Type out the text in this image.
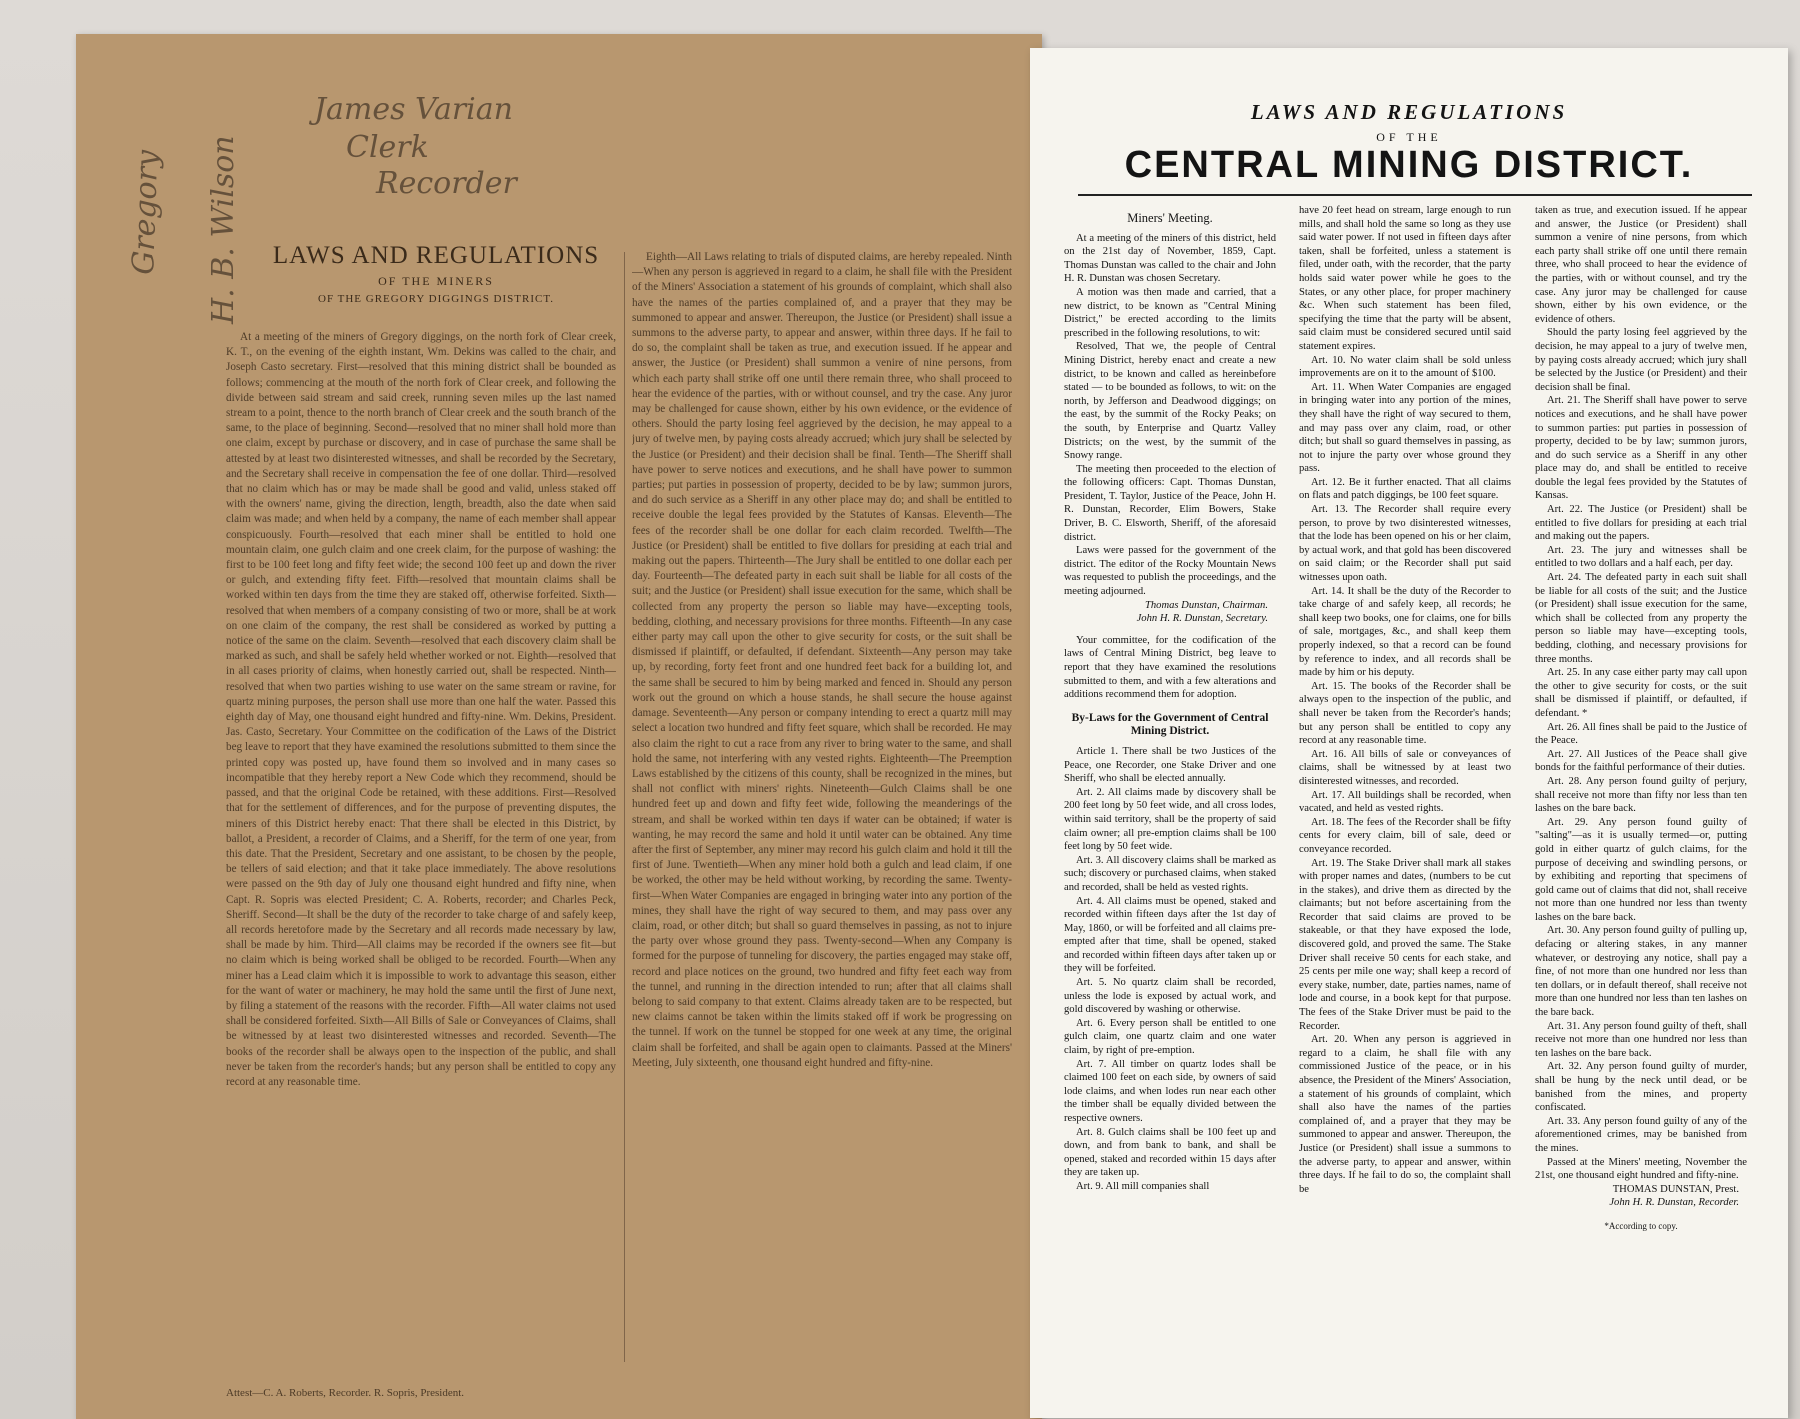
James Varian
Clerk
Recorder
Gregory H. B. Wilson	LAWS AND REGULATIONS
OF THE MINERS
OF THE GREGORY DIGGINGS DISTRICT.

At a meeting of the miners of Gregory diggings, on the north fork of Clear creek, K. T., on the evening of the eighth instant, Wm. Dekins was called to the chair, and Joseph Casto secretary. First—resolved that this mining district shall be bounded as follows; commencing at the mouth of the north fork of Clear creek, and following the divide between said stream and said creek, running seven miles up the last named stream to a point, thence to the north branch of Clear creek and the south branch of the same, to the place of beginning. Second—resolved that no miner shall hold more than one claim, except by purchase or discovery, and in case of purchase the same shall be attested by at least two disinterested witnesses, and shall be recorded by the Secretary, and the Secretary shall receive in compensation the fee of one dollar. Third—resolved that no claim which has or may be made shall be good and valid, unless staked off with the owners' name, giving the direction, length, breadth, also the date when said claim was made; and when held by a company, the name of each member shall appear conspicuously. Fourth—resolved that each miner shall be entitled to hold one mountain claim, one gulch claim and one creek claim, for the purpose of washing: the first to be 100 feet long and fifty feet wide; the second 100 feet up and down the river or gulch, and extending fifty feet. Fifth—resolved that mountain claims shall be worked within ten days from the time they are staked off, otherwise forfeited. Sixth—resolved that when members of a company consisting of two or more, shall be at work on one claim of the company, the rest shall be considered as worked by putting a notice of the same on the claim. Seventh—resolved that each discovery claim shall be marked as such, and shall be safely held whether worked or not. Eighth—resolved that in all cases priority of claims, when honestly carried out, shall be respected. Ninth—resolved that when two parties wishing to use water on the same stream or ravine, for quartz mining purposes, the person shall use more than one half the water. Passed this eighth day of May, one thousand eight hundred and fifty-nine. Wm. Dekins, President. Jas. Casto, Secretary. Your Committee on the codification of the Laws of the District beg leave to report that they have examined the resolutions submitted to them since the printed copy was posted up, have found them so involved and in many cases so incompatible that they hereby report a New Code which they recommend, should be passed, and that the original Code be retained, with these additions. First—Resolved that for the settlement of differences, and for the purpose of preventing disputes, the miners of this District hereby enact: That there shall be elected in this District, by ballot, a President, a recorder of Claims, and a Sheriff, for the term of one year, from this date. That the President, Secretary and one assistant, to be chosen by the people, be tellers of said election; and that it take place immediately. The above resolutions were passed on the 9th day of July one thousand eight hundred and fifty nine, when Capt. R. Sopris was elected President; C. A. Roberts, recorder; and Charles Peck, Sheriff. Second—It shall be the duty of the recorder to take charge of and safely keep, all records heretofore made by the Secretary and all records made necessary by law, shall be made by him. Third—All claims may be recorded if the owners see fit—but no claim which is being worked shall be obliged to be recorded. Fourth—When any miner has a Lead claim which it is impossible to work to advantage this season, either for the want of water or machinery, he may hold the same until the first of June next, by filing a statement of the reasons with the recorder. Fifth—All water claims not used shall be considered forfeited. Sixth—All Bills of Sale or Conveyances of Claims, shall be witnessed by at least two disinterested witnesses and recorded. Seventh—The books of the recorder shall be always open to the inspection of the public, and shall never be taken from the recorder's hands; but any person shall be entitled to copy any record at any reasonable time.

Eighth—All Laws relating to trials of disputed claims, are hereby repealed. Ninth—When any person is aggrieved in regard to a claim, he shall file with the President of the Miners' Association a statement of his grounds of complaint, which shall also have the names of the parties complained of, and a prayer that they may be summoned to appear and answer. Thereupon, the Justice (or President) shall issue a summons to the adverse party, to appear and answer, within three days. If he fail to do so, the complaint shall be taken as true, and execution issued. If he appear and answer, the Justice (or President) shall summon a venire of nine persons, from which each party shall strike off one until there remain three, who shall proceed to hear the evidence of the parties, with or without counsel, and try the case. Any juror may be challenged for cause shown, either by his own evidence, or the evidence of others. Should the party losing feel aggrieved by the decision, he may appeal to a jury of twelve men, by paying costs already accrued; which jury shall be selected by the Justice (or President) and their decision shall be final. Tenth—The Sheriff shall have power to serve notices and executions, and he shall have power to summon parties; put parties in possession of property, decided to be by law; summon jurors, and do such service as a Sheriff in any other place may do; and shall be entitled to receive double the legal fees provided by the Statutes of Kansas. Eleventh—The fees of the recorder shall be one dollar for each claim recorded. Twelfth—The Justice (or President) shall be entitled to five dollars for presiding at each trial and making out the papers. Thirteenth—The Jury shall be entitled to one dollar each per day. Fourteenth—The defeated party in each suit shall be liable for all costs of the suit; and the Justice (or President) shall issue execution for the same, which shall be collected from any property the person so liable may have—excepting tools, bedding, clothing, and necessary provisions for three months. Fifteenth—In any case either party may call upon the other to give security for costs, or the suit shall be dismissed if plaintiff, or defaulted, if defendant. Sixteenth—Any person may take up, by recording, forty feet front and one hundred feet back for a building lot, and the same shall be secured to him by being marked and fenced in. Should any person work out the ground on which a house stands, he shall secure the house against damage. Seventeenth—Any person or company intending to erect a quartz mill may select a location two hundred and fifty feet square, which shall be recorded. He may also claim the right to cut a race from any river to bring water to the same, and shall hold the same, not interfering with any vested rights. Eighteenth—The Preemption Laws established by the citizens of this county, shall be recognized in the mines, but shall not conflict with miners' rights. Nineteenth—Gulch Claims shall be one hundred feet up and down and fifty feet wide, following the meanderings of the stream, and shall be worked within ten days if water can be obtained; if water is wanting, he may record the same and hold it until water can be obtained. Any time after the first of September, any miner may record his gulch claim and hold it till the first of June. Twentieth—When any miner hold both a gulch and lead claim, if one be worked, the other may be held without working, by recording the same. Twenty-first—When Water Companies are engaged in bringing water into any portion of the mines, they shall have the right of way secured to them, and may pass over any claim, road, or other ditch; but shall so guard themselves in passing, as not to injure the party over whose ground they pass. Twenty-second—When any Company is formed for the purpose of tunneling for discovery, the parties engaged may stake off, record and place notices on the ground, two hundred and fifty feet each way from the tunnel, and running in the direction intended to run; after that all claims shall belong to said company to that extent. Claims already taken are to be respected, but new claims cannot be taken within the limits staked off if work be progressing on the tunnel. If work on the tunnel be stopped for one week at any time, the original claim shall be forfeited, and shall be again open to claimants. Passed at the Miners' Meeting, July sixteenth, one thousand eight hundred and fifty-nine.

Attest—C. A. Roberts, Recorder. R. Sopris, President.
LAWS AND REGULATIONS
OF THE
CENTRAL MINING DISTRICT.

Miners' Meeting.

At a meeting of the miners of this district, held on the 21st day of November, 1859, Capt. Thomas Dunstan was called to the chair and John H. R. Dunstan was chosen Secretary.

A motion was then made and carried, that a new district, to be known as "Central Mining District," be erected according to the limits prescribed in the following resolutions, to wit:

Resolved, That we, the people of Central Mining District, hereby enact and create a new district, to be known and called as hereinbefore stated — to be bounded as follows, to wit: on the north, by Jefferson and Deadwood diggings; on the east, by the summit of the Rocky Peaks; on the south, by Enterprise and Quartz Valley Districts; on the west, by the summit of the Snowy range.

The meeting then proceeded to the election of the following officers: Capt. Thomas Dunstan, President, T. Taylor, Justice of the Peace, John H. R. Dunstan, Recorder, Elim Bowers, Stake Driver, B. C. Elsworth, Sheriff, of the aforesaid district.

Laws were passed for the government of the district. The editor of the Rocky Mountain News was requested to publish the proceedings, and the meeting adjourned.

Thomas Dunstan, Chairman.

John H. R. Dunstan, Secretary.

Your committee, for the codification of the laws of Central Mining District, beg leave to report that they have examined the resolutions submitted to them, and with a few alterations and additions recommend them for adoption.

By-Laws for the Government of Central Mining District.

Article 1. There shall be two Justices of the Peace, one Recorder, one Stake Driver and one Sheriff, who shall be elected annually.

Art. 2. All claims made by discovery shall be 200 feet long by 50 feet wide, and all cross lodes, within said territory, shall be the property of said claim owner; all pre-emption claims shall be 100 feet long by 50 feet wide.

Art. 3. All discovery claims shall be marked as such; discovery or purchased claims, when staked and recorded, shall be held as vested rights.

Art. 4. All claims must be opened, staked and recorded within fifteen days after the 1st day of May, 1860, or will be forfeited and all claims pre-empted after that time, shall be opened, staked and recorded within fifteen days after taken up or they will be forfeited.

Art. 5. No quartz claim shall be recorded, unless the lode is exposed by actual work, and gold discovered by washing or otherwise.

Art. 6. Every person shall be entitled to one gulch claim, one quartz claim and one water claim, by right of pre-emption.

Art. 7. All timber on quartz lodes shall be claimed 100 feet on each side, by owners of said lode claims, and when lodes run near each other the timber shall be equally divided between the respective owners.

Art. 8. Gulch claims shall be 100 feet up and down, and from bank to bank, and shall be opened, staked and recorded within 15 days after they are taken up.

Art. 9. All mill companies shall

have 20 feet head on stream, large enough to run mills, and shall hold the same so long as they use said water power. If not used in fifteen days after taken, shall be forfeited, unless a statement is filed, under oath, with the recorder, that the party holds said water power while he goes to the States, or any other place, for proper machinery &c. When such statement has been filed, specifying the time that the party will be absent, said claim must be considered secured until said statement expires.

Art. 10. No water claim shall be sold unless improvements are on it to the amount of $100.

Art. 11. When Water Companies are engaged in bringing water into any portion of the mines, they shall have the right of way secured to them, and may pass over any claim, road, or other ditch; but shall so guard themselves in passing, as not to injure the party over whose ground they pass.

Art. 12. Be it further enacted. That all claims on flats and patch diggings, be 100 feet square.

Art. 13. The Recorder shall require every person, to prove by two disinterested witnesses, that the lode has been opened on his or her claim, by actual work, and that gold has been discovered on said claim; or the Recorder shall put said witnesses upon oath.

Art. 14. It shall be the duty of the Recorder to take charge of and safely keep, all records; he shall keep two books, one for claims, one for bills of sale, mortgages, &c., and shall keep them properly indexed, so that a record can be found by reference to index, and all records shall be made by him or his deputy.

Art. 15. The books of the Recorder shall be always open to the inspection of the public, and shall never be taken from the Recorder's hands; but any person shall be entitled to copy any record at any reasonable time.

Art. 16. All bills of sale or conveyances of claims, shall be witnessed by at least two disinterested witnesses, and recorded.

Art. 17. All buildings shall be recorded, when vacated, and held as vested rights.

Art. 18. The fees of the Recorder shall be fifty cents for every claim, bill of sale, deed or conveyance recorded.

Art. 19. The Stake Driver shall mark all stakes with proper names and dates, (numbers to be cut in the stakes), and drive them as directed by the claimants; but not before ascertaining from the Recorder that said claims are proved to be stakeable, or that they have exposed the lode, discovered gold, and proved the same. The Stake Driver shall receive 50 cents for each stake, and 25 cents per mile one way; shall keep a record of every stake, number, date, parties names, name of lode and course, in a book kept for that purpose. The fees of the Stake Driver must be paid to the Recorder.

Art. 20. When any person is aggrieved in regard to a claim, he shall file with any commissioned Justice of the peace, or in his absence, the President of the Miners' Association, a statement of his grounds of complaint, which shall also have the names of the parties complained of, and a prayer that they may be summoned to appear and answer. Thereupon, the Justice (or President) shall issue a summons to the adverse party, to appear and answer, within three days. If he fail to do so, the complaint shall be

taken as true, and execution issued. If he appear and answer, the Justice (or President) shall summon a venire of nine persons, from which each party shall strike off one until there remain three, who shall proceed to hear the evidence of the parties, with or without counsel, and try the case. Any juror may be challenged for cause shown, either by his own evidence, or the evidence of others.

Should the party losing feel aggrieved by the decision, he may appeal to a jury of twelve men, by paying costs already accrued; which jury shall be selected by the Justice (or President) and their decision shall be final.

Art. 21. The Sheriff shall have power to serve notices and executions, and he shall have power to summon parties: put parties in possession of property, decided to be by law; summon jurors, and do such service as a Sheriff in any other place may do, and shall be entitled to receive double the legal fees provided by the Statutes of Kansas.

Art. 22. The Justice (or President) shall be entitled to five dollars for presiding at each trial and making out the papers.

Art. 23. The jury and witnesses shall be entitled to two dollars and a half each, per day.

Art. 24. The defeated party in each suit shall be liable for all costs of the suit; and the Justice (or President) shall issue execution for the same, which shall be collected from any property the person so liable may have—excepting tools, bedding, clothing, and necessary provisions for three months.

Art. 25. In any case either party may call upon the other to give security for costs, or the suit shall be dismissed if plaintiff, or defaulted, if defendant. *

Art. 26. All fines shall be paid to the Justice of the Peace.

Art. 27. All Justices of the Peace shall give bonds for the faithful performance of their duties.

Art. 28. Any person found guilty of perjury, shall receive not more than fifty nor less than ten lashes on the bare back.

Art. 29. Any person found guilty of "salting"—as it is usually termed—or, putting gold in either quartz of gulch claims, for the purpose of deceiving and swindling persons, or by exhibiting and reporting that specimens of gold came out of claims that did not, shall receive not more than one hundred nor less than twenty lashes on the bare back.

Art. 30. Any person found guilty of pulling up, defacing or altering stakes, in any manner whatever, or destroying any notice, shall pay a fine, of not more than one hundred nor less than ten dollars, or in default thereof, shall receive not more than one hundred nor less than ten lashes on the bare back.

Art. 31. Any person found guilty of theft, shall receive not more than one hundred nor less than ten lashes on the bare back.

Art. 32. Any person found guilty of murder, shall be hung by the neck until dead, or be banished from the mines, and property confiscated.

Art. 33. Any person found guilty of any of the aforementioned crimes, may be banished from the mines.

Passed at the Miners' meeting, November the 21st, one thousand eight hundred and fifty-nine.

THOMAS DUNSTAN, Prest.

John H. R. Dunstan, Recorder.

*According to copy.
